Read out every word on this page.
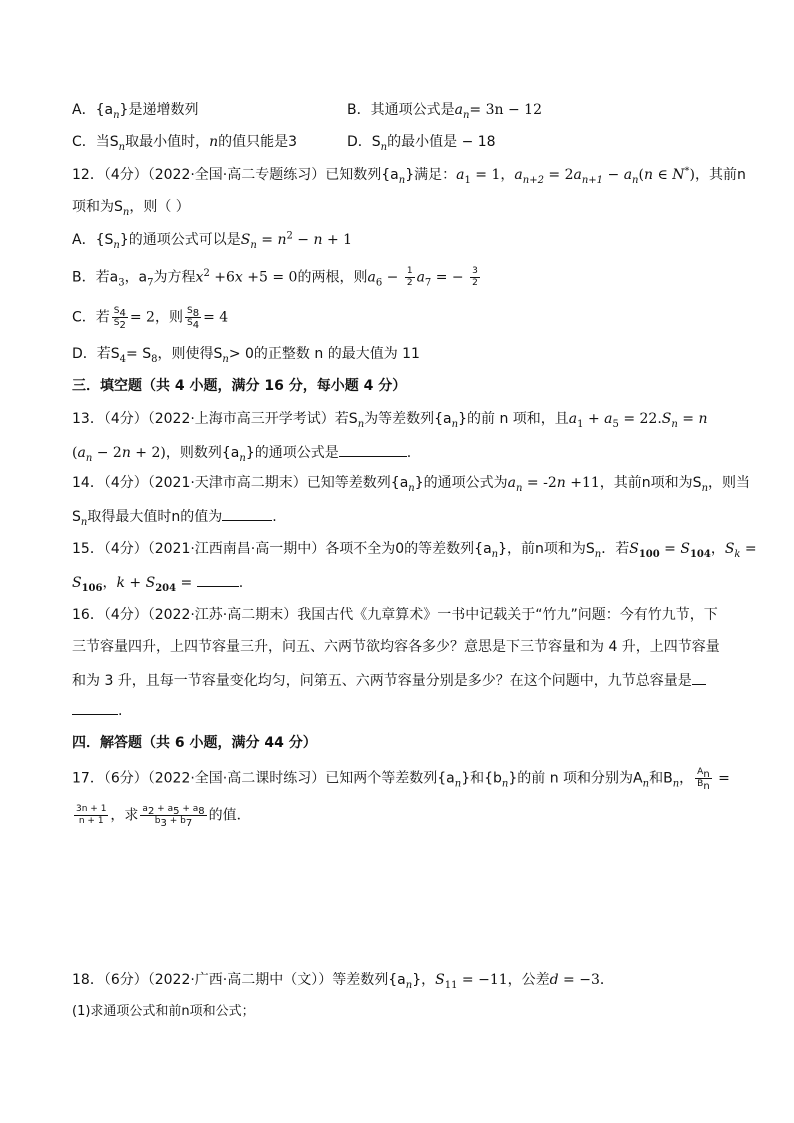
A．$\{a_n\}$是递增数列	B．其通项公式是$a_n= 3n - 12$
C．当$S_n$取最小值时，n的值只能是3	D．$S_n$的最小值是 − 18
12．（4分）（2022·全国·高二专题练习）已知数列$\{a_n\}$满足：$a_1 = 1$，$a_{n+2} = 2a_{n+1} - a_n(n$ ∈ N*)，其前n
项和为$S_n$，则（ ）
A．$\{S_n\}$的通项公式可以是$S_n = n^2 - n + 1$
B．若$a_3$，$a_7$为方程$x^2 +6x +5 = 0$的两根，则$a_6 - \frac{1}{2} a_7$ = − $\frac{3}{2}$
C．若 $\frac{S_4}{S_2} = 2$，则 $\frac{S_8}{S_4} = 4$
D．若$S_4= S_8$，则使得$S_n> 0$的正整数 n 的最大值为 11
三．填空题（共 4 小题，满分 16 分，每小题 4 分）
13．（4分）（2022·上海市高三开学考试）若$S_n$为等差数列$\{a_n\}$的前 n 项和，且$a_1 + a_5 = 22.S_n = n$
$(a_n - 2n + 2)$，则数列$\{a_n\}$的通项公式是	.
14．（4分）（2021·天津市高二期末）已知等差数列$\{a_n\}$的通项公式为$a_n = -2n +11$，其前n项和为$S_n$，则当
$S_n$取得最大值时n的值为	.
15．（4分）（2021·江西南昌·高一期中）各项不全为0的等差数列$\{a_n\}$，前n项和为$S_n$．若$S_{100} = S_{104}$，$S_k$ =
$S_{106}$，$k + S_{204}$ =	.
16．（4分）（2022·江苏·高二期末）我国古代《九章算术》一书中记载关于“竹九”问题：今有竹九节，下
三节容量四升，上四节容量三升，问五、六两节欲均容各多少？意思是下三节容量和为 4 升，上四节容量
和为 3 升，且每一节容量变化均匀，问第五、六两节容量分别是多少？在这个问题中，九节总容量是
.
四．解答题（共 6 小题，满分 44 分）
17．（6分）（2022·全国·高二课时练习）已知两个等差数列$\{a_n\}$和$\{b_n\}$的前 n 项和分别为$A_n$和$B_n$， $\frac{A_n}{B_n}$ =
$\frac{3n + 1}{n + 1}$ ，求 $\frac{a_2 + a_5 + a_8}{b_3 + b_7}$ 的值．
18．（6分）（2022·广西·高二期中（文））等差数列$\{a_n\}$，$S_{11} = -11$，公差d = −3．
(1)求通项公式和前n项和公式；
